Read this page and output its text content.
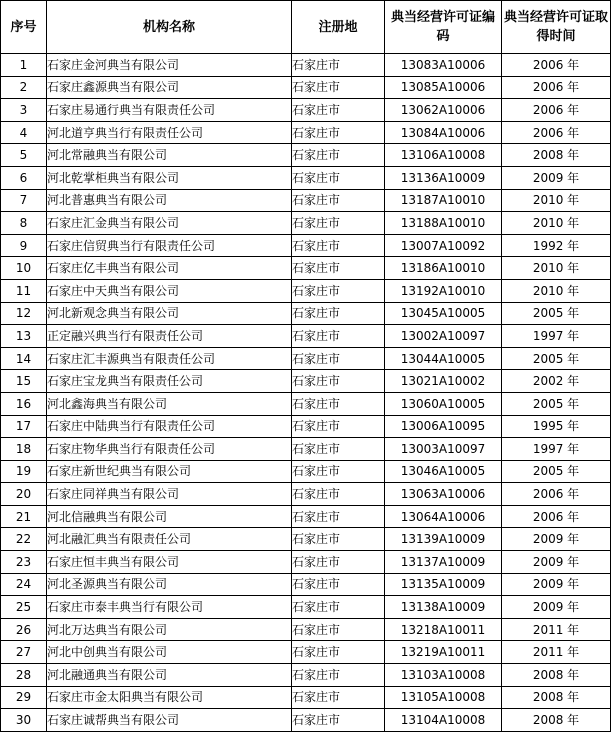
序号	机构名称	注册地	典当经营许可证编码	典当经营许可证取得时间
1	石家庄金河典当有限公司	石家庄市	13083A10006	2006 年
2	石家庄鑫源典当有限公司	石家庄市	13085A10006	2006 年
3	石家庄易通行典当有限责任公司	石家庄市	13062A10006	2006 年
4	河北道亨典当行有限责任公司	石家庄市	13084A10006	2006 年
5	河北常融典当有限公司	石家庄市	13106A10008	2008 年
6	河北乾掌柜典当有限公司	石家庄市	13136A10009	2009 年
7	河北普惠典当有限公司	石家庄市	13187A10010	2010 年
8	石家庄汇金典当有限公司	石家庄市	13188A10010	2010 年
9	石家庄信贸典当行有限责任公司	石家庄市	13007A10092	1992 年
10	石家庄亿丰典当有限公司	石家庄市	13186A10010	2010 年
11	石家庄中天典当有限公司	石家庄市	13192A10010	2010 年
12	河北新观念典当有限公司	石家庄市	13045A10005	2005 年
13	正定融兴典当行有限责任公司	石家庄市	13002A10097	1997 年
14	石家庄汇丰源典当有限责任公司	石家庄市	13044A10005	2005 年
15	石家庄宝龙典当有限责任公司	石家庄市	13021A10002	2002 年
16	河北鑫海典当有限公司	石家庄市	13060A10005	2005 年
17	石家庄中陆典当行有限责任公司	石家庄市	13006A10095	1995 年
18	石家庄物华典当行有限责任公司	石家庄市	13003A10097	1997 年
19	石家庄新世纪典当有限公司	石家庄市	13046A10005	2005 年
20	石家庄同祥典当有限公司	石家庄市	13063A10006	2006 年
21	河北信融典当有限公司	石家庄市	13064A10006	2006 年
22	河北融汇典当有限责任公司	石家庄市	13139A10009	2009 年
23	石家庄恒丰典当有限公司	石家庄市	13137A10009	2009 年
24	河北圣源典当有限公司	石家庄市	13135A10009	2009 年
25	石家庄市泰丰典当行有限公司	石家庄市	13138A10009	2009 年
26	河北万达典当有限公司	石家庄市	13218A10011	2011 年
27	河北中创典当有限公司	石家庄市	13219A10011	2011 年
28	河北融通典当有限公司	石家庄市	13103A10008	2008 年
29	石家庄市金太阳典当有限公司	石家庄市	13105A10008	2008 年
30	石家庄诚帮典当有限公司	石家庄市	13104A10008	2008 年
